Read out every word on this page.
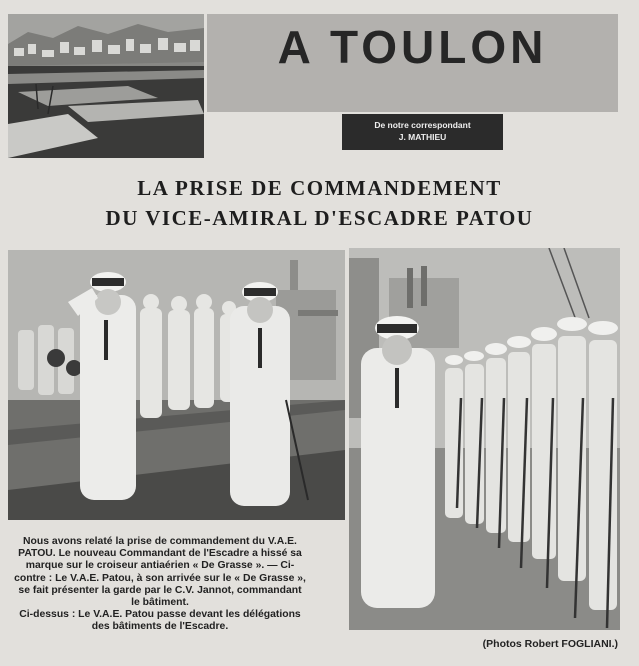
A TOULON
De notre correspondant
J. MATHIEU
LA PRISE DE COMMANDEMENT
DU VICE-AMIRAL D'ESCADRE PATOU

Nous avons relaté la prise de commandement du V.A.E. PATOU. Le nouveau Commandant de l'Escadre a hissé sa marque sur le croiseur antiaérien « De Grasse ». — Ci-contre : Le V.A.E. Patou, à son arrivée sur le « De Grasse », se fait présenter la garde par le C.V. Jannot, commandant le bâtiment.

Ci-dessus : Le V.A.E. Patou passe devant les délégations des bâtiments de l'Escadre.

(Photos Robert FOGLIANI.)
